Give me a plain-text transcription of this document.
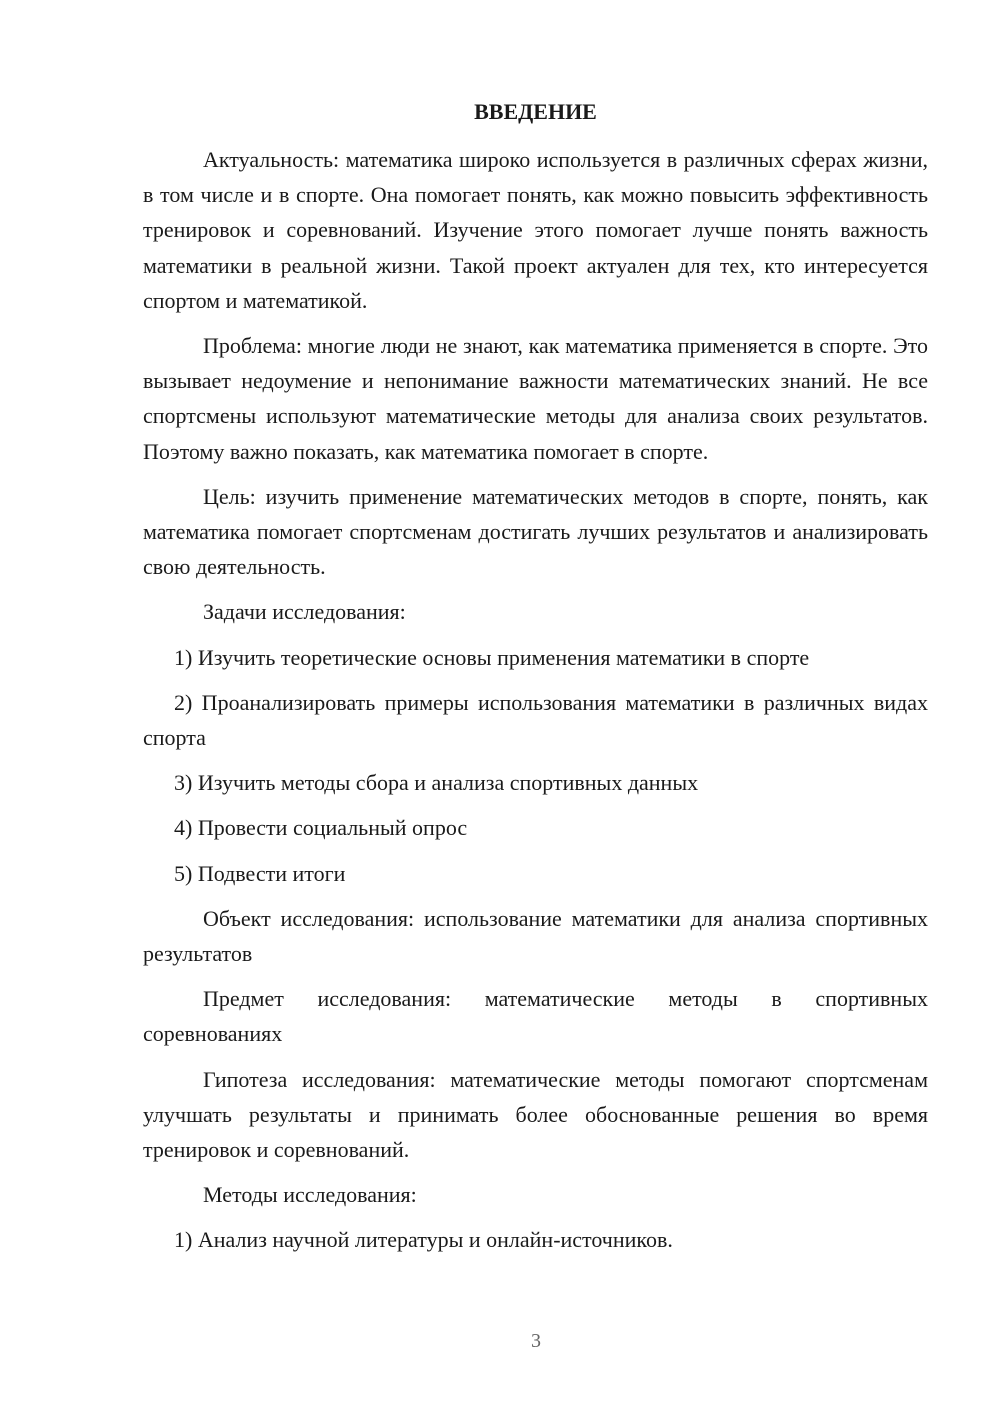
ВВЕДЕНИЕ

Актуальность: математика широко используется в различных сферах жизни, в том числе и в спорте. Она помогает понять, как можно повысить эффективность тренировок и соревнований. Изучение этого помогает лучше понять важность математики в реальной жизни. Такой проект актуален для тех, кто интересуется спортом и математикой.

Проблема: многие люди не знают, как математика применяется в спорте. Это вызывает недоумение и непонимание важности математических знаний. Не все спортсмены используют математические методы для анализа своих результатов. Поэтому важно показать, как математика помогает в спорте.

Цель: изучить применение математических методов в спорте, понять, как математика помогает спортсменам достигать лучших результатов и анализировать свою деятельность.

Задачи исследования:

1) Изучить теоретические основы применения математики в спорте

2) Проанализировать примеры использования математики в различных видах спорта

3) Изучить методы сбора и анализа спортивных данных

4) Провести социальный опрос

5) Подвести итоги

Объект исследования: использование математики для анализа спортивных результатов

Предмет исследования: математические методы в спортивных соревнованиях

Гипотеза исследования: математические методы помогают спортсменам улучшать результаты и принимать более обоснованные решения во время тренировок и соревнований.

Методы исследования:

1) Анализ научной литературы и онлайн-источников.

3
